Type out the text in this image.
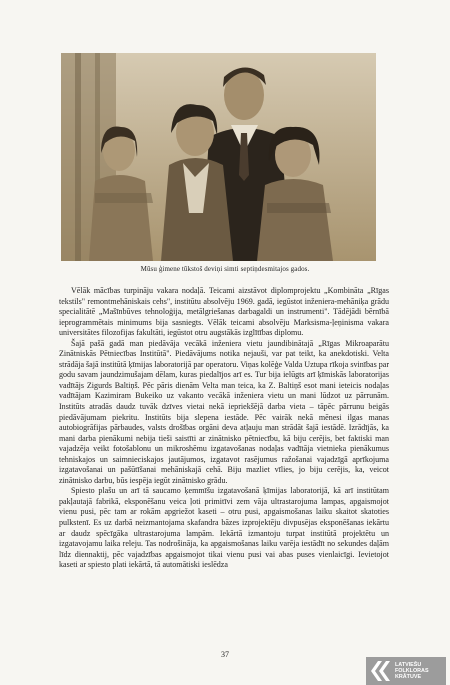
Mūsu ģimene tūkstoš deviņi simti septiņdesmitajos gados.

Vēlāk mācības turpināju vakara nodaļā. Teicami aizstāvot diplomprojektu „Kombināta „Rīgas tekstils" remontmehāniskais cehs", institūtu absolvēju 1969. gadā, iegūstot inženiera-mehāniķa grādu specialitātē „Mašīnbūves tehnoloģija, metālgriešanas darbagaldi un instrumenti". Tādējādi bērnībā ieprogrammētais minimums bija sasniegts. Vēlāk teicami absolvēju Marksisma-ļeņinisma vakara universitātes filozofijas fakultāti, iegūstot otru augstākās izglītības diplomu.

Šajā pašā gadā man piedāvāja vecākā inženiera vietu jaundibinātajā „Rīgas Mikroaparātu Zinātniskās Pētniecības Institūtā". Piedāvājums notika nejauši, var pat teikt, ka anekdotiski. Velta strādāja šajā institūtā ķīmijas laboratorijā par operatoru. Viņas kolēģe Valda Uztupa rīkoja svinības par godu savam jaundzimušajam dēlam, kuras piedalījos arī es. Tur bija ielūgts arī ķīmiskās laboratorijas vadītājs Zigurds Baltiņš. Pēc pāris dienām Velta man teica, ka Z. Baltiņš esot mani ieteicis nodaļas vadītājam Kazimiram Bukeiko uz vakanto vecākā inženiera vietu un mani lūdzot uz pārrunām. Institūts atradās daudz tuvāk dzīves vietai nekā iepriekšējā darba vieta – tāpēc pārrunu beigās piedāvājumam piekritu. Institūts bija slepena iestāde. Pēc vairāk nekā mēnesi ilgas manas autobiogrāfijas pārbaudes, valsts drošības orgāni deva atļauju man strādāt šajā iestādē. Izrādījās, ka mani darba pienākumi nebija tieši saistīti ar zinātnisko pētniecību, kā biju cerējis, bet faktiski man vajadzēja veikt fotošablonu un mikroshēmu izgatavošanas nodaļas vadītāja vietnieka pienākumus tehniskajos un saimnieciskajos jautājumos, izgatavot rasējumus ražošanai vajadzīgā aprīkojuma izgatavošanai un pašūtīšanai mehāniskajā cehā. Biju mazliet vīlies, jo biju cerējis, ka, veicot zinātnisko darbu, būs iespēja iegūt zinātnisko grādu.

Spiesto plašu un arī tā saucamo ķemmīšu izgatavošanā ķīmijas laboratorijā, kā arī institūtam pakļautajā fabrikā, eksponēšanu veica ļoti primitīvi zem vāja ultrastarojuma lampas, apgaismojot vienu pusi, pēc tam ar rokām apgriežot kaseti – otru pusi, apgaismošanas laiku skaitot skatoties pulkstenī. Es uz darbā neizmantojama skafandra bāzes izprojektēju divpusējas eksponēšanas iekārtu ar daudz spēcīgāka ultrastarojuma lampām. Iekārtā izmantoju turpat institūtā projektētu un izgatavojamu laika releju. Tas nodrošināja, ka apgaismošanas laiku varēja iestādīt no sekundes daļām līdz diennaktij, pēc vajadzības apgaismojot tikai vienu pusi vai abas puses vienlaicīgi. Ievietojot kaseti ar spiesto plati iekārtā, tā automātiski ieslēdza

37
LATVIEŠU
FOLKLORAS
KRĀTUVE
